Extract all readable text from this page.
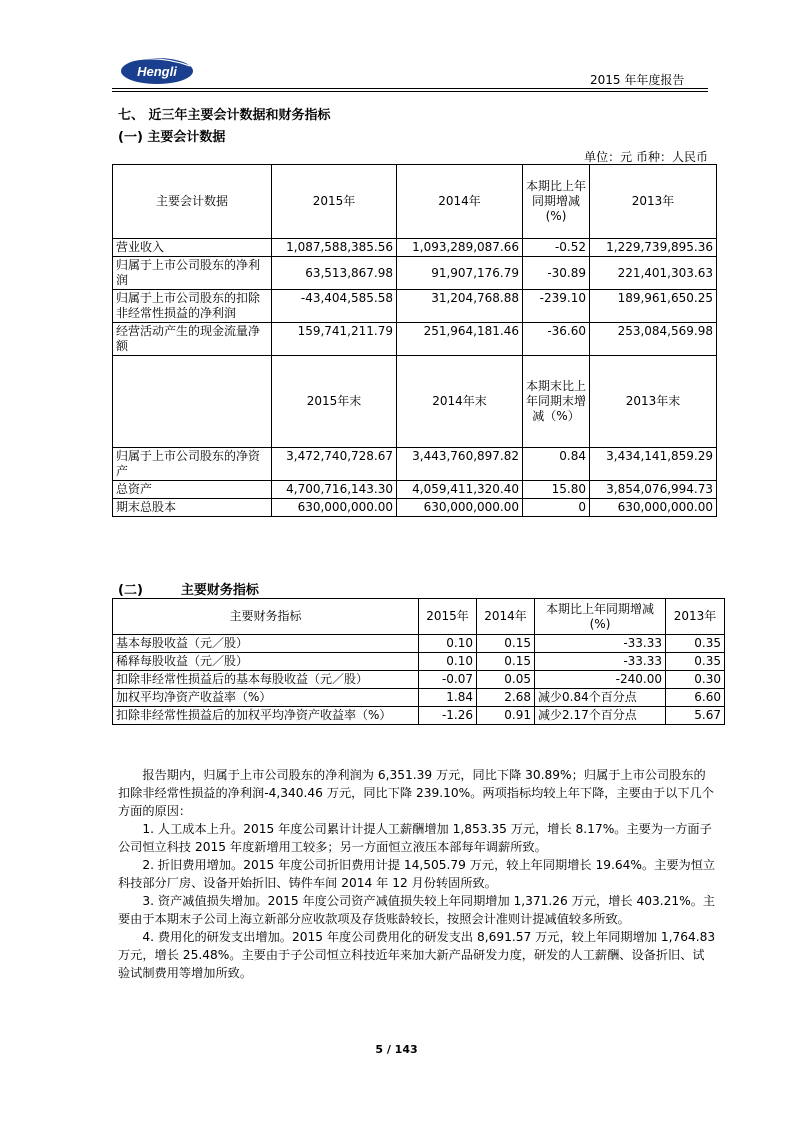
Hengli
2015 年年度报告
七、 近三年主要会计数据和财务指标
(一) 主要会计数据
单位：元 币种：人民币
主要会计数据	2015年	2014年	本期比上年同期增减(%)	2013年
营业收入	1,087,588,385.56	1,093,289,087.66	-0.52	1,229,739,895.36
归属于上市公司股东的净利润	63,513,867.98	91,907,176.79	-30.89	221,401,303.63
归属于上市公司股东的扣除非经常性损益的净利润	-43,404,585.58	31,204,768.88	-239.10	189,961,650.25
经营活动产生的现金流量净额	159,741,211.79	251,964,181.46	-36.60	253,084,569.98
	2015年末	2014年末	本期末比上年同期末增减（%）	2013年末
归属于上市公司股东的净资产	3,472,740,728.67	3,443,760,897.82	0.84	3,434,141,859.29
总资产	4,700,716,143.30	4,059,411,320.40	15.80	3,854,076,994.73
期末总股本	630,000,000.00	630,000,000.00	0	630,000,000.00
(二)	主要财务指标
主要财务指标	2015年	2014年	本期比上年同期增减(%)	2013年
基本每股收益（元／股）	0.10	0.15	-33.33	0.35
稀释每股收益（元／股）	0.10	0.15	-33.33	0.35
扣除非经常性损益后的基本每股收益（元／股）	-0.07	0.05	-240.00	0.30
加权平均净资产收益率（%）	1.84	2.68	减少0.84个百分点	6.60
扣除非经常性损益后的加权平均净资产收益率（%）	-1.26	0.91	减少2.17个百分点	5.67

报告期内，归属于上市公司股东的净利润为 6,351.39 万元，同比下降 30.89%；归属于上市公司股东的扣除非经常性损益的净利润-4,340.46 万元，同比下降 239.10%。两项指标均较上年下降，主要由于以下几个方面的原因：

1. 人工成本上升。2015 年度公司累计计提人工薪酬增加 1,853.35 万元，增长 8.17%。主要为一方面子公司恒立科技 2015 年度新增用工较多；另一方面恒立液压本部每年调薪所致。

2. 折旧费用增加。2015 年度公司折旧费用计提 14,505.79 万元，较上年同期增长 19.64%。主要为恒立科技部分厂房、设备开始折旧、铸件车间 2014 年 12 月份转固所致。

3. 资产减值损失增加。2015 年度公司资产减值损失较上年同期增加 1,371.26 万元，增长 403.21%。主要由于本期末子公司上海立新部分应收款项及存货账龄较长，按照会计准则计提减值较多所致。

4. 费用化的研发支出增加。2015 年度公司费用化的研发支出 8,691.57 万元，较上年同期增加 1,764.83 万元，增长 25.48%。主要由于子公司恒立科技近年来加大新产品研发力度，研发的人工薪酬、设备折旧、试验试制费用等增加所致。

5 / 143
